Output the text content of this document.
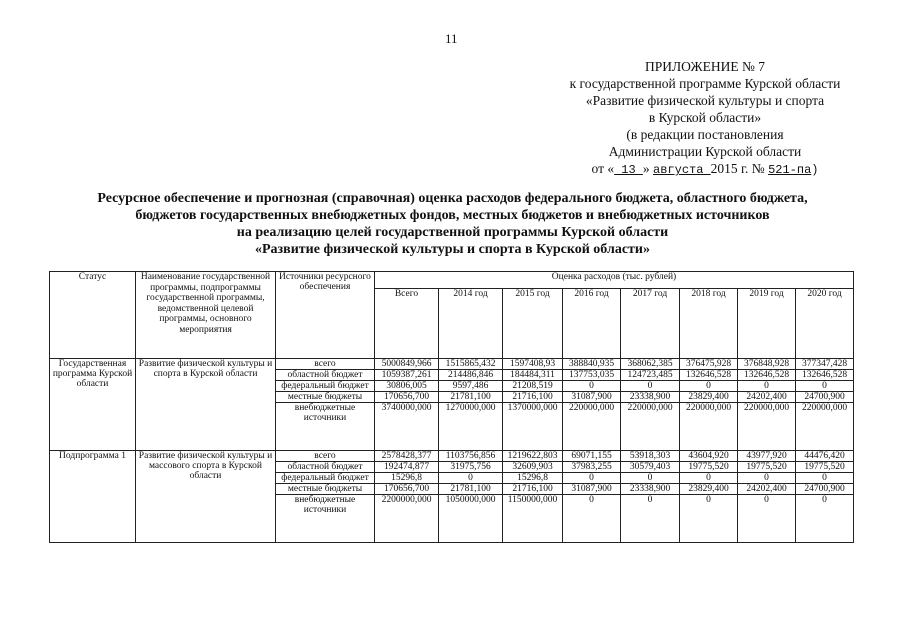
11
ПРИЛОЖЕНИЕ № 7
к государственной программе Курской области
«Развитие физической культуры и спорта
в Курской области»
(в редакции постановления
Администрации Курской области
от « 13 » августа 2015 г. № 521-па)
Ресурсное обеспечение и прогнозная (справочная) оценка расходов федерального бюджета, областного бюджета,
бюджетов государственных внебюджетных фондов, местных бюджетов и внебюджетных источников
на реализацию целей государственной программы Курской области
«Развитие физической культуры и спорта в Курской области»
Статус	Наименование государственной программы, подпрограммы государственной программы, ведомственной целевой программы, основного мероприятия	Источники ресурсного обеспечения	Оценка расходов (тыс. рублей)							
			Всего	2014 год	2015 год	2016 год	2017 год	2018 год	2019 год	2020 год
Государственная программа Курской области	Развитие физической культуры и спорта в Курской области	всего	5000849,966	1515865,432	1597408,93	388840,935	368062,385	376475,928	376848,928	377347,428
		областной бюджет	1059387,261	214486,846	184484,311	137753,035	124723,485	132646,528	132646,528	132646,528
		федеральный бюджет	30806,005	9597,486	21208,519	0	0	0	0	0
		местные бюджеты	170656,700	21781,100	21716,100	31087,900	23338,900	23829,400	24202,400	24700,900
		внебюджетные источники	3740000,000	1270000,000	1370000,000	220000,000	220000,000	220000,000	220000,000	220000,000
Подпрограмма 1	Развитие физической культуры и массового спорта в Курской области	всего	2578428,377	1103756,856	1219622,803	69071,155	53918,303	43604,920	43977,920	44476,420
		областной бюджет	192474,877	31975,756	32609,903	37983,255	30579,403	19775,520	19775,520	19775,520
		федеральный бюджет	15296,8	0	15296,8	0	0	0	0	0
		местные бюджеты	170656,700	21781,100	21716,100	31087,900	23338,900	23829,400	24202,400	24700,900
		внебюджетные источники	2200000,000	1050000,000	1150000,000	0	0	0	0	0
